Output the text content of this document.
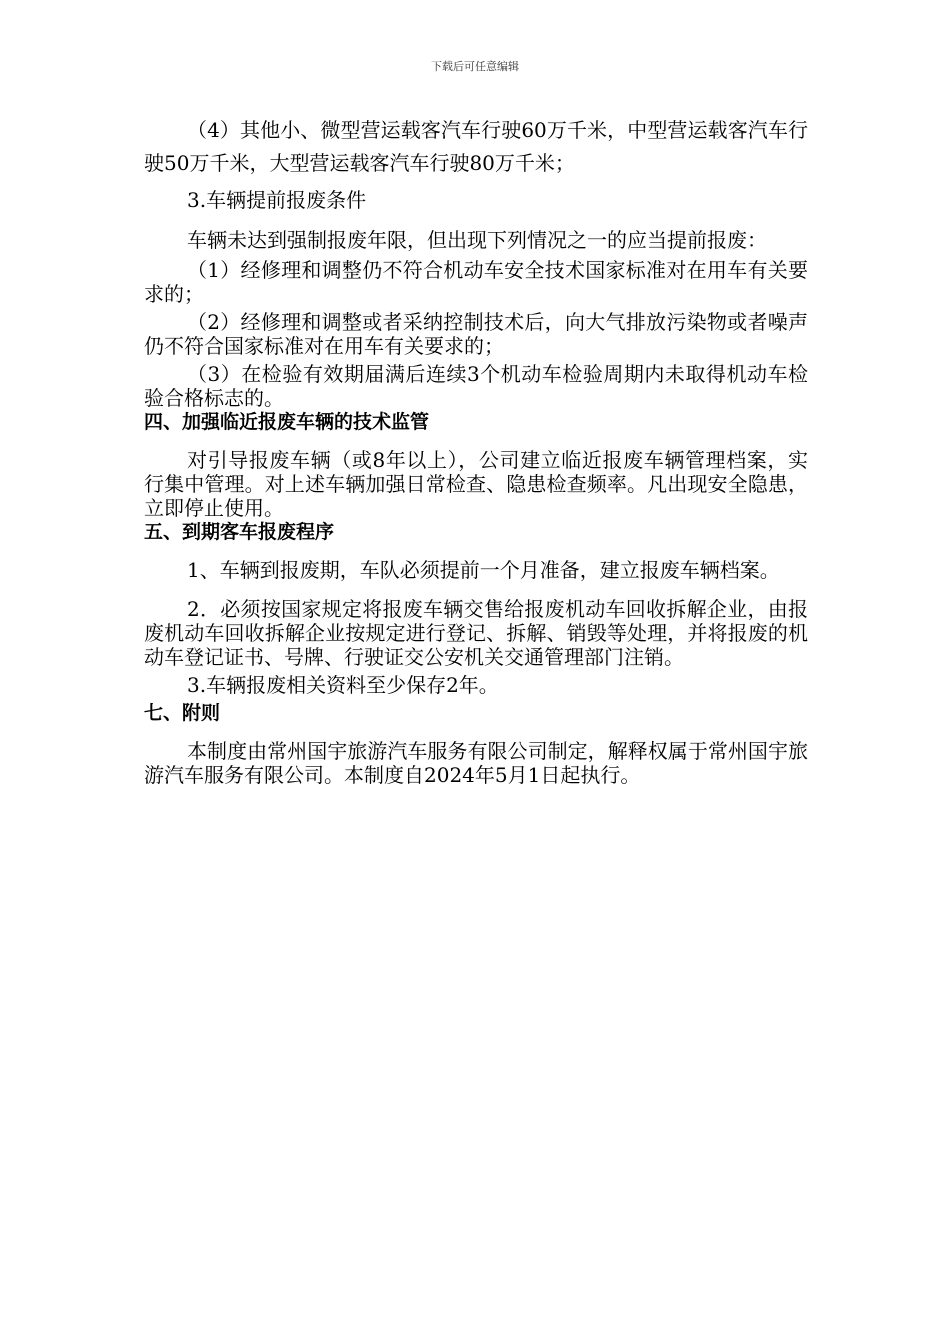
下载后可任意编辑

（4）其他小、微型营运载客汽车行驶60万千米，中型营运载客汽车行驶50万千米，大型营运载客汽车行驶80万千米；

3.车辆提前报废条件

车辆未达到强制报废年限，但出现下列情况之一的应当提前报废：

（1）经修理和调整仍不符合机动车安全技术国家标准对在用车有关要求的；

（2）经修理和调整或者采纳控制技术后，向大气排放污染物或者噪声仍不符合国家标准对在用车有关要求的；

（3）在检验有效期届满后连续3个机动车检验周期内未取得机动车检验合格标志的。

四、加强临近报废车辆的技术监管

对引导报废车辆（或8年以上），公司建立临近报废车辆管理档案，实行集中管理。对上述车辆加强日常检查、隐患检查频率。凡出现安全隐患，立即停止使用。

五、到期客车报废程序

1、车辆到报废期，车队必须提前一个月准备，建立报废车辆档案。

2．必须按国家规定将报废车辆交售给报废机动车回收拆解企业，由报废机动车回收拆解企业按规定进行登记、拆解、销毁等处理，并将报废的机动车登记证书、号牌、行驶证交公安机关交通管理部门注销。

3.车辆报废相关资料至少保存2年。

七、附则

本制度由常州国宇旅游汽车服务有限公司制定，解释权属于常州国宇旅游汽车服务有限公司。本制度自2024年5月1日起执行。
